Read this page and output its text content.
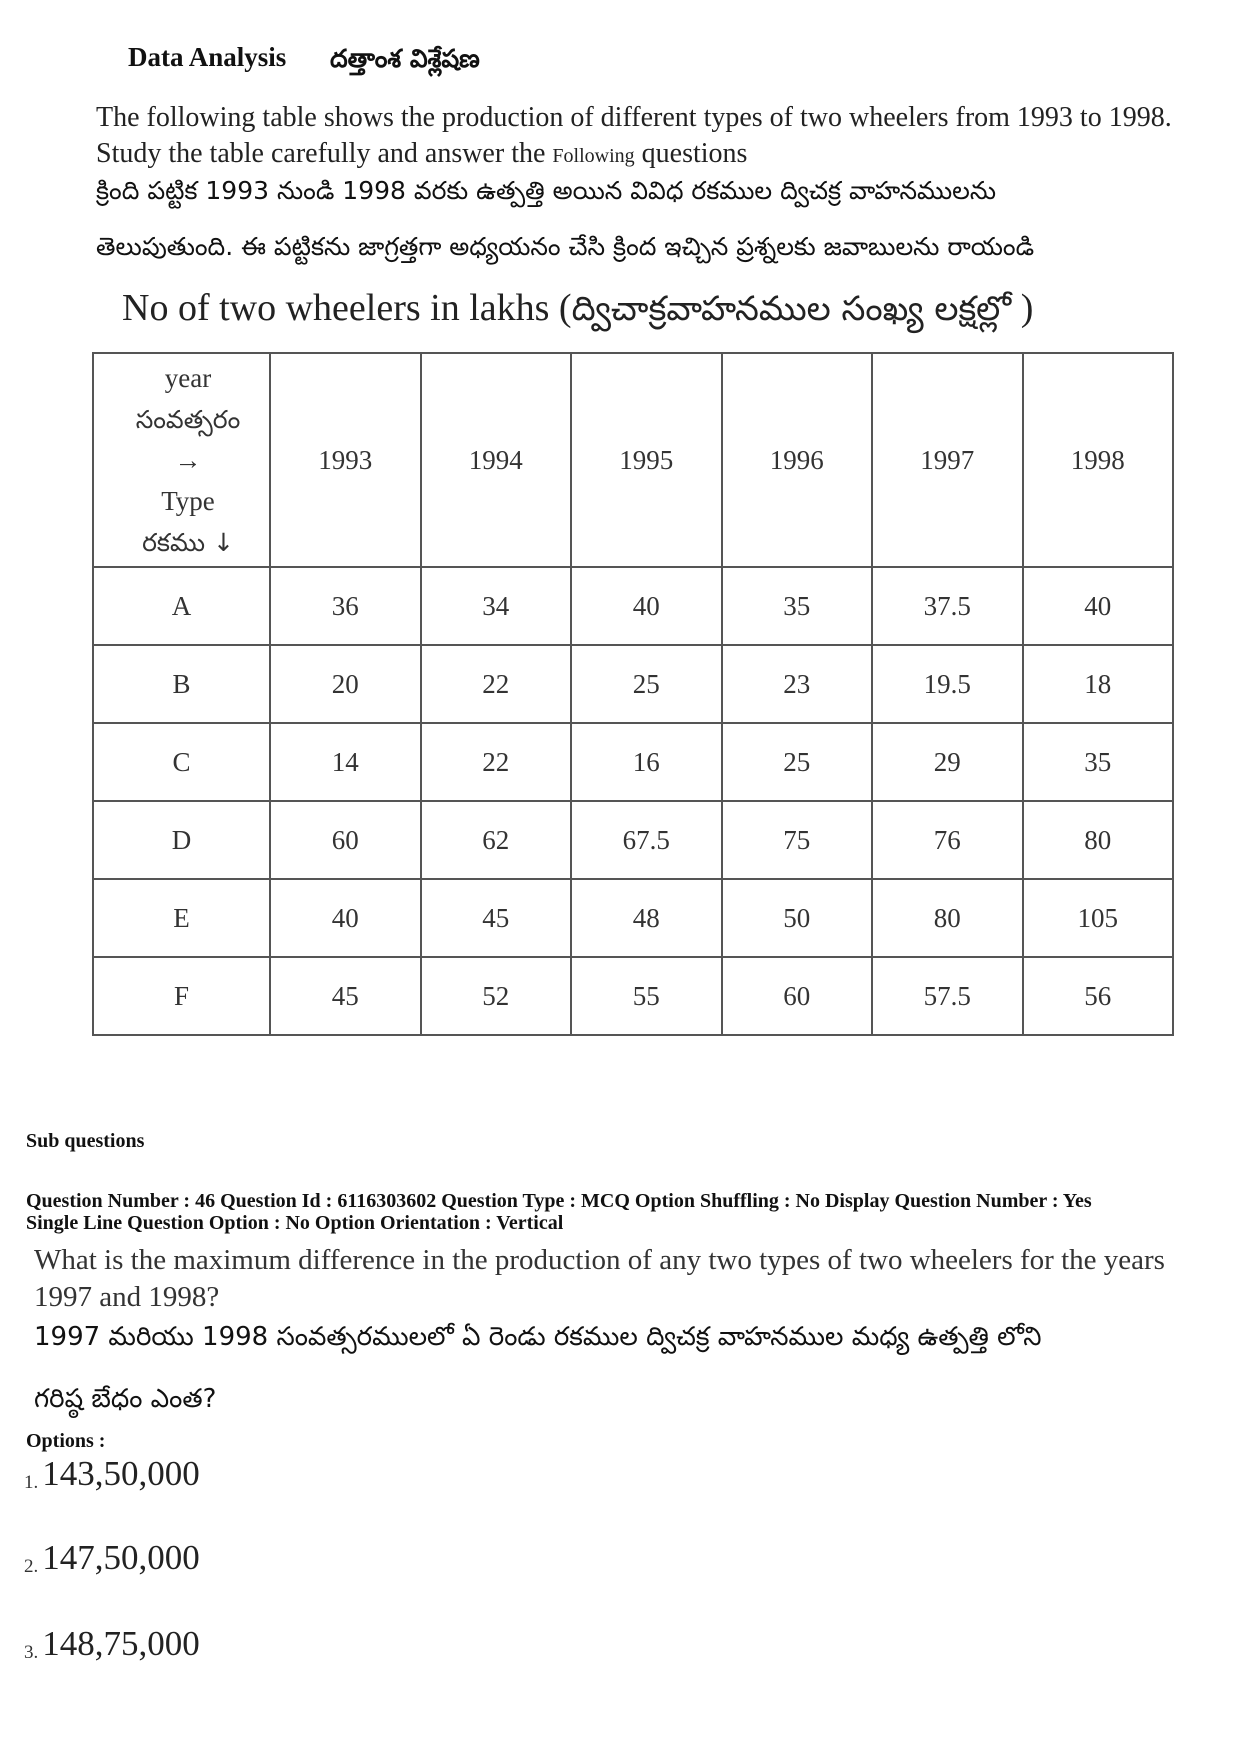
Data Analysis దత్తాంశ విశ్లేషణ
The following table shows the production of different types of two wheelers from 1993 to 1998. Study the table carefully and answer the Following questions
క్రింది పట్టిక 1993 నుండి 1998 వరకు ఉత్పత్తి అయిన వివిధ రకముల ద్విచక్ర వాహనములను
తెలుపుతుంది. ఈ పట్టికను జాగ్రత్తగా అధ్యయనం చేసి క్రింద ఇచ్చిన ప్రశ్నలకు జవాబులను రాయండి
No of two wheelers in lakhs (ద్విచాక్రవాహనముల సంఖ్య లక్షల్లో )
year
సంవత్సరం
→
Type
రకము ↓	1993	1994	1995	1996	1997	1998
A	36	34	40	35	37.5	40
B	20	22	25	23	19.5	18
C	14	22	16	25	29	35
D	60	62	67.5	75	76	80
E	40	45	48	50	80	105
F	45	52	55	60	57.5	56
Sub questions
Question Number : 46 Question Id : 6116303602 Question Type : MCQ Option Shuffling : No Display Question Number : Yes
Single Line Question Option : No Option Orientation : Vertical
What is the maximum difference in the production of any two types of two wheelers for the years 1997 and 1998?
1997 మరియు 1998 సంవత్సరములలో ఏ రెండు రకముల ద్విచక్ర వాహనముల మధ్య ఉత్పత్తి లోని
గరిష్ఠ బేధం ఎంత?
Options :
1. 143,50,000
2. 147,50,000
3. 148,75,000
